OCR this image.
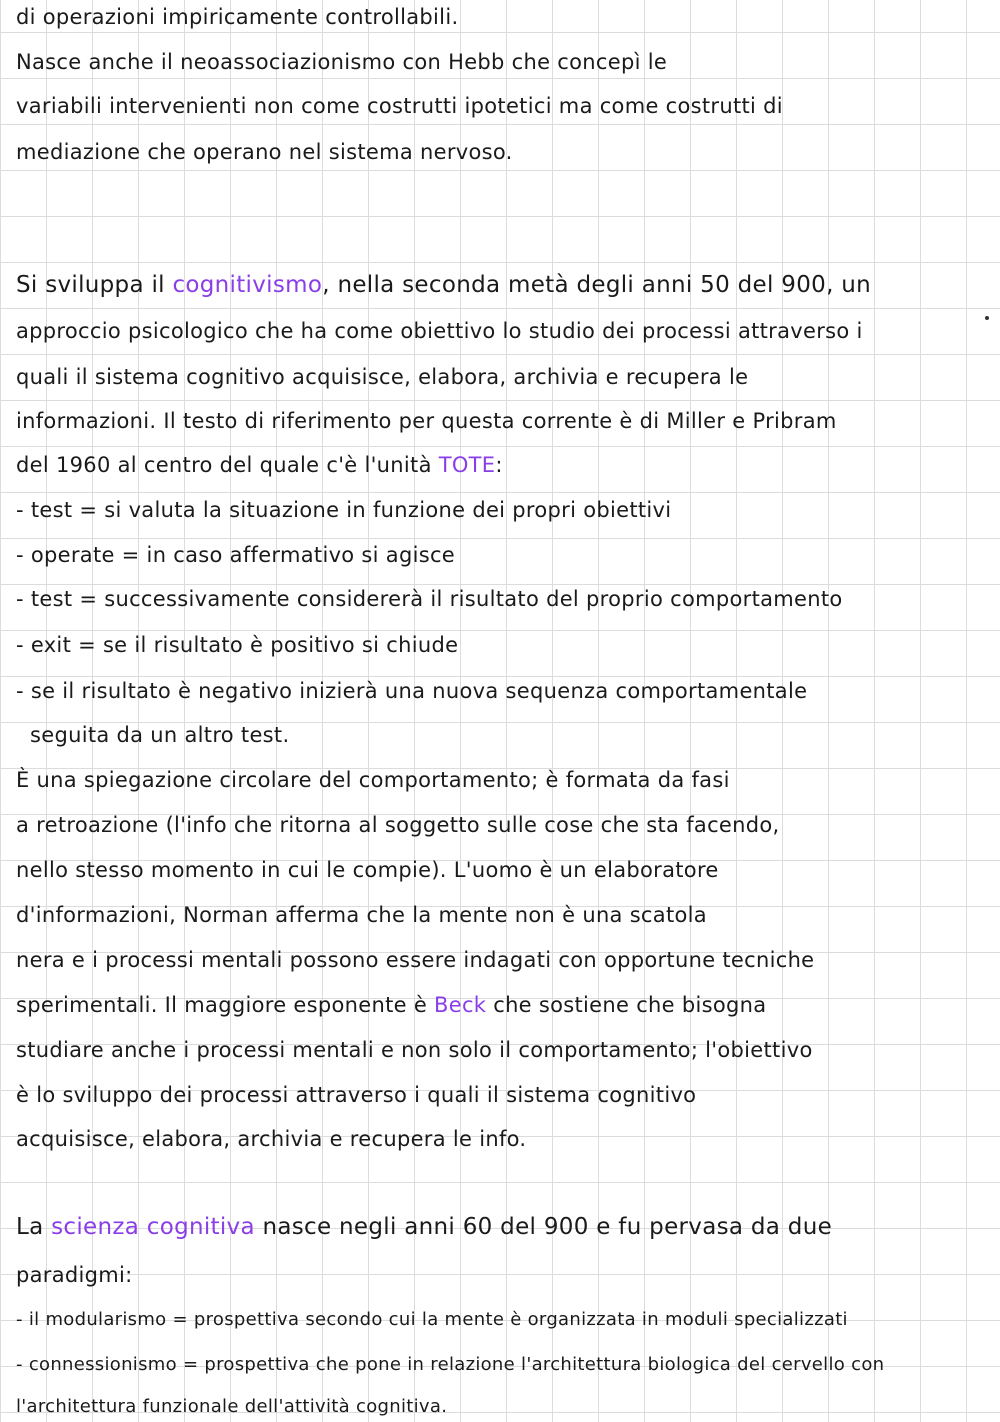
di operazioni impiricamente controllabili.
Nasce anche il neoassociazionismo con Hebb che concepì le
variabili intervenienti non come costrutti ipotetici ma come costrutti di
mediazione che operano nel sistema nervoso.
Si sviluppa il cognitivismo, nella seconda metà degli anni 50 del 900, un
approccio psicologico che ha come obiettivo lo studio dei processi attraverso i
quali il sistema cognitivo acquisisce, elabora, archivia e recupera le
informazioni. Il testo di riferimento per questa corrente è di Miller e Pribram
del 1960 al centro del quale c'è l'unità TOTE:
- test = si valuta la situazione in funzione dei propri obiettivi
- operate = in caso affermativo si agisce
- test = successivamente considererà il risultato del proprio comportamento
- exit = se il risultato è positivo si chiude
- se il risultato è negativo inizierà una nuova sequenza comportamentale
seguita da un altro test.
È una spiegazione circolare del comportamento; è formata da fasi
a retroazione (l'info che ritorna al soggetto sulle cose che sta facendo,
nello stesso momento in cui le compie). L'uomo è un elaboratore
d'informazioni, Norman afferma che la mente non è una scatola
nera e i processi mentali possono essere indagati con opportune tecniche
sperimentali. Il maggiore esponente è Beck che sostiene che bisogna
studiare anche i processi mentali e non solo il comportamento; l'obiettivo
è lo sviluppo dei processi attraverso i quali il sistema cognitivo
acquisisce, elabora, archivia e recupera le info.
La scienza cognitiva nasce negli anni 60 del 900 e fu pervasa da due
paradigmi:
- il modularismo = prospettiva secondo cui la mente è organizzata in moduli specializzati
- connessionismo = prospettiva che pone in relazione l'architettura biologica del cervello con
l'architettura funzionale dell'attività cognitiva.
